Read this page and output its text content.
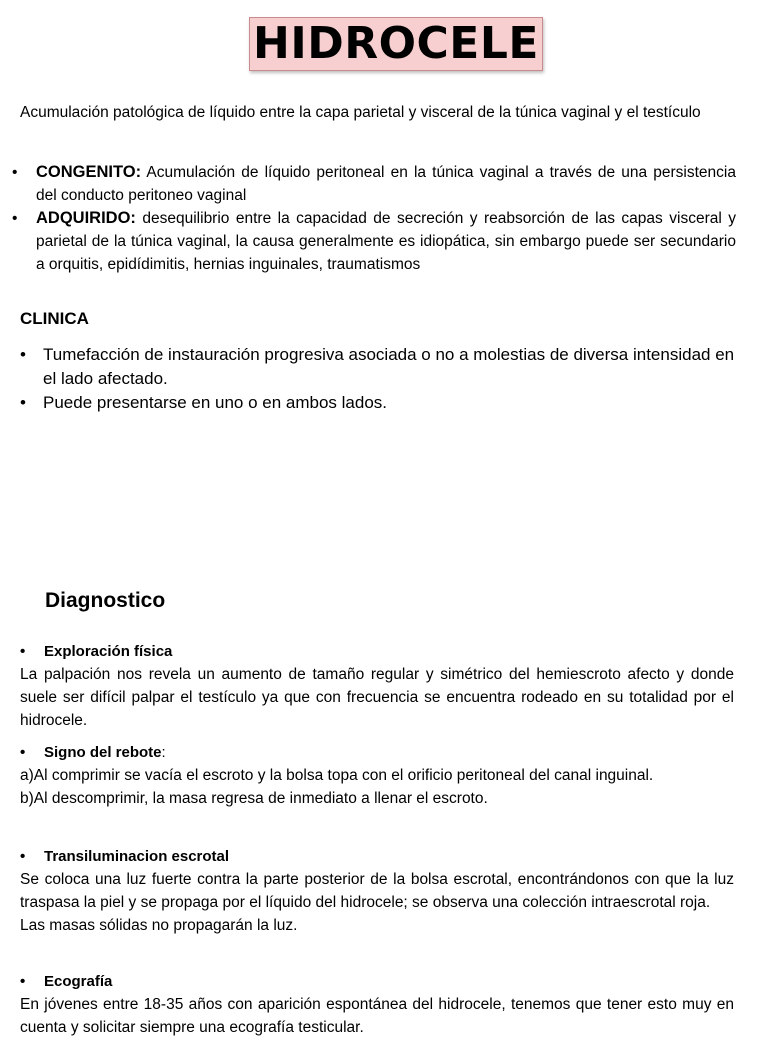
HIDROCELE
Acumulación patológica de líquido entre la capa parietal y visceral de la túnica vaginal y el testículo
• CONGENITO: Acumulación de líquido peritoneal en la túnica vaginal a través de una persistencia del conducto peritoneo vaginal
• ADQUIRIDO: desequilibrio entre la capacidad de secreción y reabsorción de las capas visceral y parietal de la túnica vaginal, la causa generalmente es idiopática, sin embargo puede ser secundario a orquitis, epidídimitis, hernias inguinales, traumatismos
CLINICA
• Tumefacción de instauración progresiva asociada o no a molestias de diversa intensidad en el lado afectado.
• Puede presentarse en uno o en ambos lados.
Diagnostico
• Exploración física

La palpación nos revela un aumento de tamaño regular y simétrico del hemiescroto afecto y donde suele ser difícil palpar el testículo ya que con frecuencia se encuentra rodeado en su totalidad por el hidrocele.

• Signo del rebote:

a)Al comprimir se vacía el escroto y la bolsa topa con el orificio peritoneal del canal inguinal.

b)Al descomprimir, la masa regresa de inmediato a llenar el escroto.

• Transiluminacion escrotal

Se coloca una luz fuerte contra la parte posterior de la bolsa escrotal, encontrándonos con que la luz traspasa la piel y se propaga por el líquido del hidrocele; se observa una colección intraescrotal roja.

Las masas sólidas no propagarán la luz.

• Ecografía

En jóvenes entre 18-35 años con aparición espontánea del hidrocele, tenemos que tener esto muy en cuenta y solicitar siempre una ecografía testicular.
